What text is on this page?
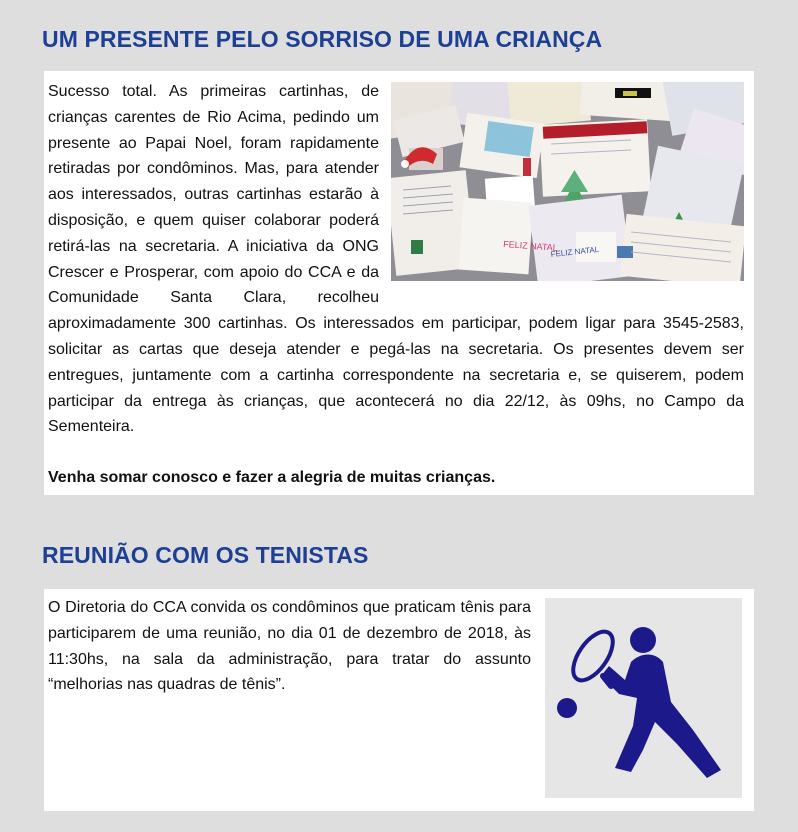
UM PRESENTE PELO SORRISO DE UMA CRIANÇA
FELIZ NATAL
FELIZ NATAL

Sucesso total. As primeiras cartinhas, de crianças carentes de Rio Acima, pedindo um presente ao Papai Noel, foram rapidamente retiradas por condôminos. Mas, para atender aos interessados, outras cartinhas estarão à disposição, e quem quiser colaborar poderá retirá-las na secretaria. A iniciativa da ONG Crescer e Prosperar, com apoio do CCA e da Comunidade Santa Clara, recolheu aproximadamente 300 cartinhas. Os interessados em participar, podem ligar para 3545-2583, solicitar as cartas que deseja atender e pegá-las na secretaria. Os presentes devem ser entregues, juntamente com a cartinha correspondente na secretaria e, se quiserem, podem participar da entrega às crianças, que acontecerá no dia 22/12, às 09hs, no Campo da Sementeira.

Venha somar conosco e fazer a alegria de muitas crianças.

REUNIÃO COM OS TENISTAS

O Diretoria do CCA convida os condôminos que praticam tênis para participarem de uma reunião, no dia 01 de dezembro de 2018, às 11:30hs, na sala da administração, para tratar do assunto “melhorias nas quadras de tênis”.
